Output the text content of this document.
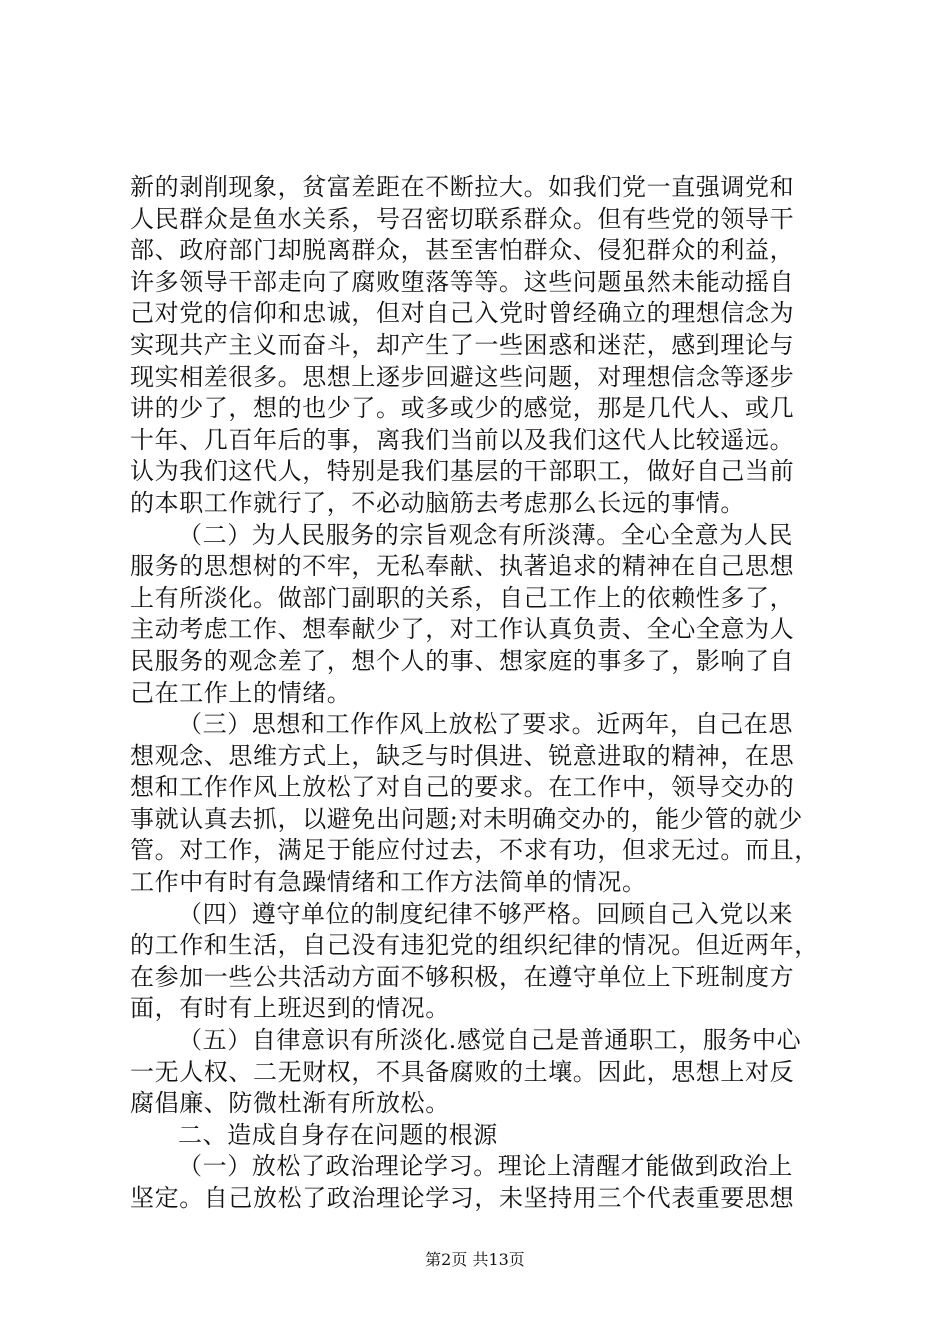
新的剥削现象，贫富差距在不断拉大。如我们党一直强调党和
人民群众是鱼水关系，号召密切联系群众。但有些党的领导干
部、政府部门却脱离群众，甚至害怕群众、侵犯群众的利益，
许多领导干部走向了腐败堕落等等。这些问题虽然未能动摇自
己对党的信仰和忠诚，但对自己入党时曾经确立的理想信念为
实现共产主义而奋斗，却产生了一些困惑和迷茫，感到理论与
现实相差很多。思想上逐步回避这些问题，对理想信念等逐步
讲的少了，想的也少了。或多或少的感觉，那是几代人、或几
十年、几百年后的事，离我们当前以及我们这代人比较遥远。
认为我们这代人，特别是我们基层的干部职工，做好自己当前
的本职工作就行了，不必动脑筋去考虑那么长远的事情。
（二）为人民服务的宗旨观念有所淡薄。全心全意为人民
服务的思想树的不牢，无私奉献、执著追求的精神在自己思想
上有所淡化。做部门副职的关系，自己工作上的依赖性多了，
主动考虑工作、想奉献少了，对工作认真负责、全心全意为人
民服务的观念差了，想个人的事、想家庭的事多了，影响了自
己在工作上的情绪。
（三）思想和工作作风上放松了要求。近两年，自己在思
想观念、思维方式上，缺乏与时俱进、锐意进取的精神，在思
想和工作作风上放松了对自己的要求。在工作中，领导交办的
事就认真去抓，以避免出问题;对未明确交办的，能少管的就少
管。对工作，满足于能应付过去，不求有功，但求无过。而且，
工作中有时有急躁情绪和工作方法简单的情况。
（四）遵守单位的制度纪律不够严格。回顾自己入党以来
的工作和生活，自己没有违犯党的组织纪律的情况。但近两年，
在参加一些公共活动方面不够积极，在遵守单位上下班制度方
面，有时有上班迟到的情况。
（五）自律意识有所淡化.感觉自己是普通职工，服务中心
一无人权、二无财权，不具备腐败的土壤。因此，思想上对反
腐倡廉、防微杜渐有所放松。
二、造成自身存在问题的根源
（一）放松了政治理论学习。理论上清醒才能做到政治上
坚定。自己放松了政治理论学习，未坚持用三个代表重要思想
第2页 共13页
